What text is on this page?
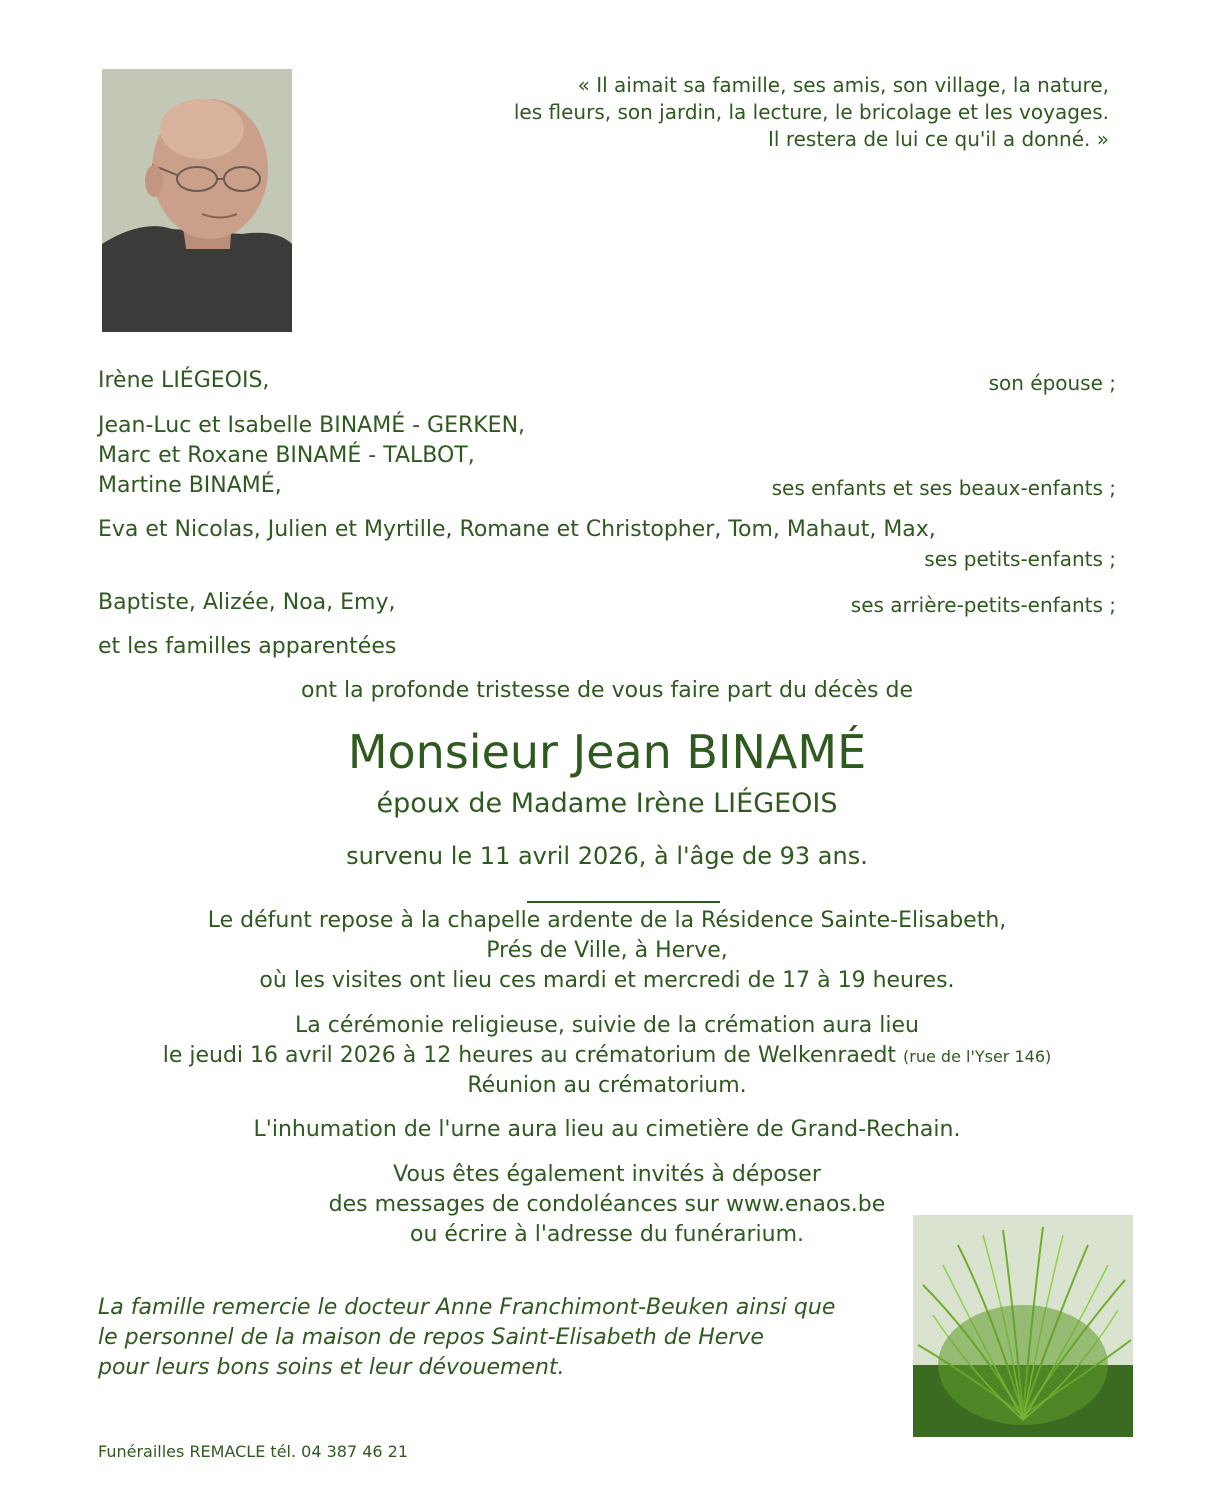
« Il aimait sa famille, ses amis, son village, la nature,
les fleurs, son jardin, la lecture, le bricolage et les voyages.
Il restera de lui ce qu'il a donné. »
Irène LIÉGEOIS,	son épouse ;
Jean-Luc et Isabelle BINAMÉ - GERKEN,
Marc et Roxane BINAMÉ - TALBOT,
Martine BINAMÉ,	ses enfants et ses beaux-enfants ;
Eva et Nicolas, Julien et Myrtille, Romane et Christopher, Tom, Mahaut, Max,
ses petits-enfants ;
Baptiste, Alizée, Noa, Emy,	ses arrière-petits-enfants ;
et les familles apparentées
ont la profonde tristesse de vous faire part du décès de
Monsieur Jean BINAMÉ
époux de Madame Irène LIÉGEOIS
survenu le 11 avril 2026, à l'âge de 93 ans.
Le défunt repose à la chapelle ardente de la Résidence Sainte-Elisabeth,
Prés de Ville, à Herve,
où les visites ont lieu ces mardi et mercredi de 17 à 19 heures.
La cérémonie religieuse, suivie de la crémation aura lieu
le jeudi 16 avril 2026 à 12 heures au crématorium de Welkenraedt (rue de l'Yser 146)
Réunion au crématorium.
L'inhumation de l'urne aura lieu au cimetière de Grand-Rechain.
Vous êtes également invités à déposer
des messages de condoléances sur www.enaos.be
ou écrire à l'adresse du funérarium.
La famille remercie le docteur Anne Franchimont-Beuken ainsi que
le personnel de la maison de repos Saint-Elisabeth de Herve
pour leurs bons soins et leur dévouement.
Funérailles REMACLE tél. 04 387 46 21
